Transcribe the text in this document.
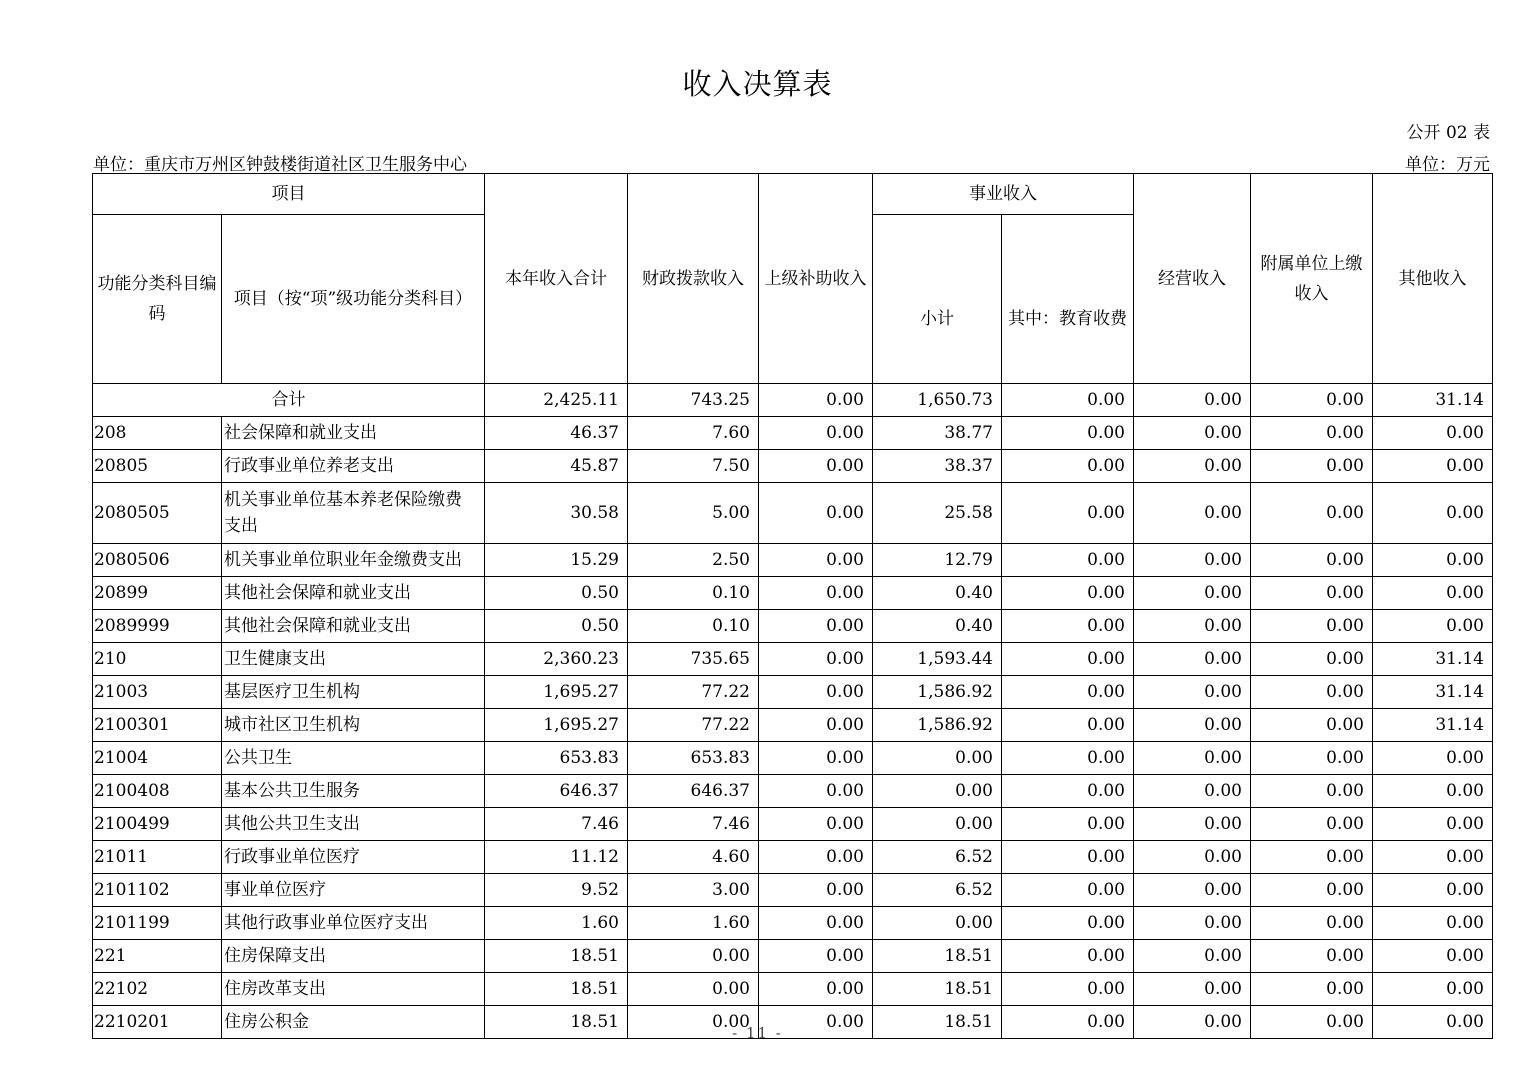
收入决算表
公开 02 表
单位：重庆市万州区钟鼓楼街道社区卫生服务中心	单位：万元
项目		本年收入合计	财政拨款收入	上级补助收入	事业收入		经营收入	附属单位上缴收入	其他收入
功能分类科目编码	项目（按“项”级功能分类科目）				小计	其中：教育收费			
合计		2,425.11	743.25	0.00	1,650.73	0.00	0.00	0.00	31.14
208	社会保障和就业支出	46.37	7.60	0.00	38.77	0.00	0.00	0.00	0.00
20805	行政事业单位养老支出	45.87	7.50	0.00	38.37	0.00	0.00	0.00	0.00
2080505	机关事业单位基本养老保险缴费支出	30.58	5.00	0.00	25.58	0.00	0.00	0.00	0.00
2080506	机关事业单位职业年金缴费支出	15.29	2.50	0.00	12.79	0.00	0.00	0.00	0.00
20899	其他社会保障和就业支出	0.50	0.10	0.00	0.40	0.00	0.00	0.00	0.00
2089999	其他社会保障和就业支出	0.50	0.10	0.00	0.40	0.00	0.00	0.00	0.00
210	卫生健康支出	2,360.23	735.65	0.00	1,593.44	0.00	0.00	0.00	31.14
21003	基层医疗卫生机构	1,695.27	77.22	0.00	1,586.92	0.00	0.00	0.00	31.14
2100301	城市社区卫生机构	1,695.27	77.22	0.00	1,586.92	0.00	0.00	0.00	31.14
21004	公共卫生	653.83	653.83	0.00	0.00	0.00	0.00	0.00	0.00
2100408	基本公共卫生服务	646.37	646.37	0.00	0.00	0.00	0.00	0.00	0.00
2100499	其他公共卫生支出	7.46	7.46	0.00	0.00	0.00	0.00	0.00	0.00
21011	行政事业单位医疗	11.12	4.60	0.00	6.52	0.00	0.00	0.00	0.00
2101102	事业单位医疗	9.52	3.00	0.00	6.52	0.00	0.00	0.00	0.00
2101199	其他行政事业单位医疗支出	1.60	1.60	0.00	0.00	0.00	0.00	0.00	0.00
221	住房保障支出	18.51	0.00	0.00	18.51	0.00	0.00	0.00	0.00
22102	住房改革支出	18.51	0.00	0.00	18.51	0.00	0.00	0.00	0.00
2210201	住房公积金	18.51	0.00	0.00	18.51	0.00	0.00	0.00	0.00
- 11 -
